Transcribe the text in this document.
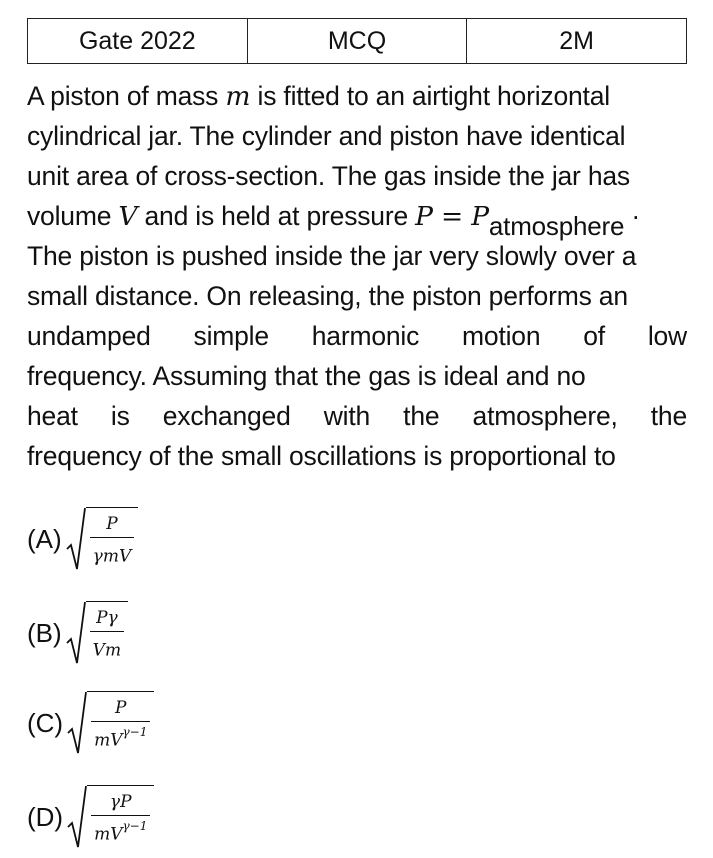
Gate 2022	MCQ	2M
A piston of mass m is fitted to an airtight horizontal
cylindrical jar. The cylinder and piston have identical
unit area of cross-section. The gas inside the jar has
volume V and is held at pressure P = Patmosphere ·
The piston is pushed inside the jar very slowly over a
small distance. On releasing, the piston performs an
undamped simple harmonic motion of low
frequency. Assuming that the gas is ideal and no
heat is exchanged with the atmosphere, the
frequency of the small oscillations is proportional to
$(A) \frac{P}{\text{γmV}}$
$(B) \frac{P\gamma}{Vm}$
$(C) \frac{P}{mV^{\gamma-1}}$
$(D) \frac{\gamma P}{mV^{\gamma-1}}$
